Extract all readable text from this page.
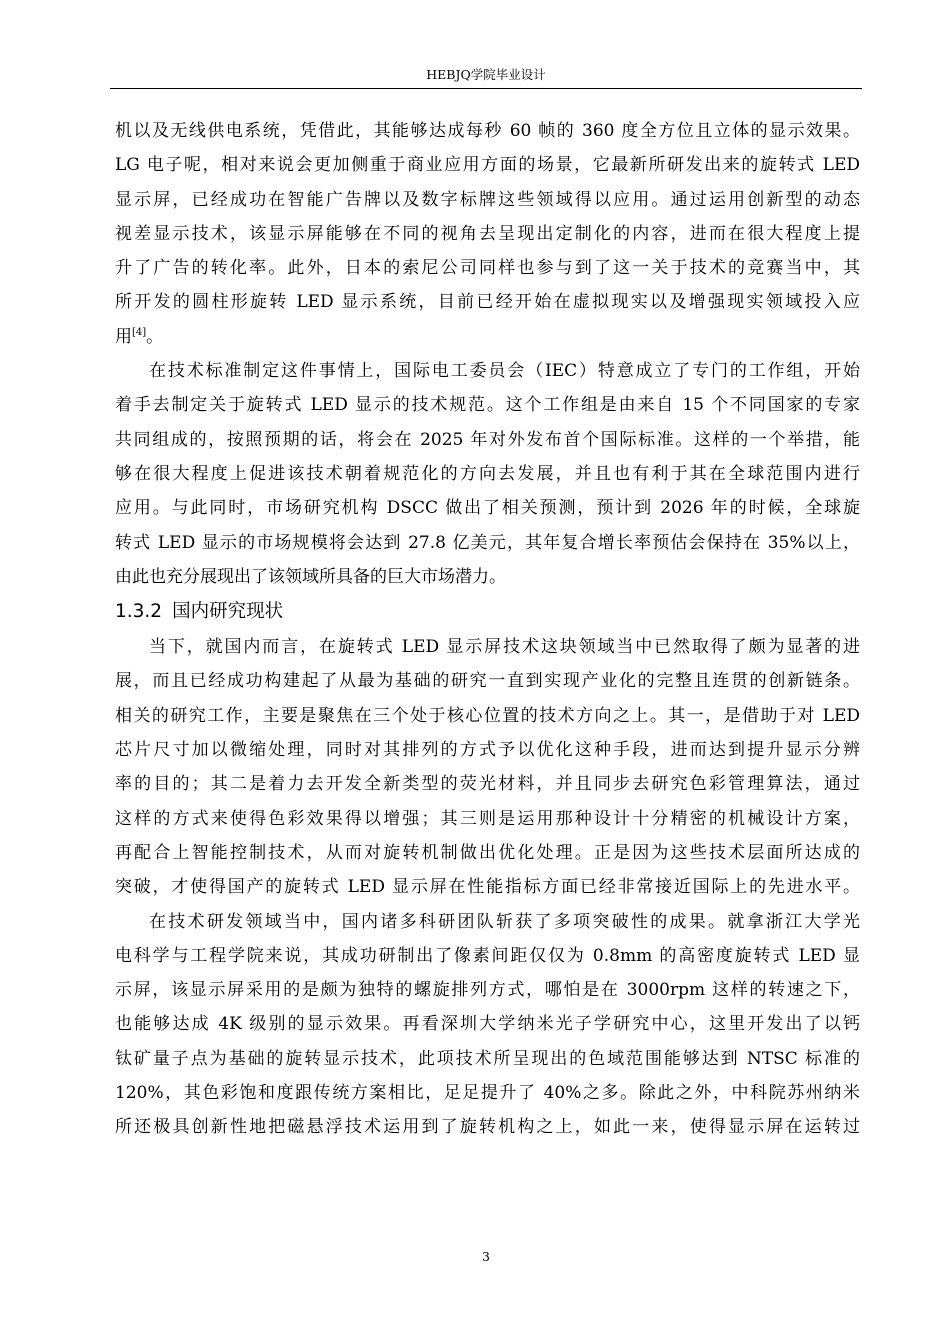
HEBJQ学院毕业设计
机以及无线供电系统，凭借此，其能够达成每秒 60 帧的 360 度全方位且立体的显示效果。
LG 电子呢，相对来说会更加侧重于商业应用方面的场景，它最新所研发出来的旋转式 LED
显示屏，已经成功在智能广告牌以及数字标牌这些领域得以应用。通过运用创新型的动态
视差显示技术，该显示屏能够在不同的视角去呈现出定制化的内容，进而在很大程度上提
升了广告的转化率。此外，日本的索尼公司同样也参与到了这一关于技术的竞赛当中，其
所开发的圆柱形旋转 LED 显示系统，目前已经开始在虚拟现实以及增强现实领域投入应
用[4]。
在技术标准制定这件事情上，国际电工委员会（IEC）特意成立了专门的工作组，开始
着手去制定关于旋转式 LED 显示的技术规范。这个工作组是由来自 15 个不同国家的专家
共同组成的，按照预期的话，将会在 2025 年对外发布首个国际标准。这样的一个举措，能
够在很大程度上促进该技术朝着规范化的方向去发展，并且也有利于其在全球范围内进行
应用。与此同时，市场研究机构 DSCC 做出了相关预测，预计到 2026 年的时候，全球旋
转式 LED 显示的市场规模将会达到 27.8 亿美元，其年复合增长率预估会保持在 35%以上，
由此也充分展现出了该领域所具备的巨大市场潜力。
1.3.2 国内研究现状
当下，就国内而言，在旋转式 LED 显示屏技术这块领域当中已然取得了颇为显著的进
展，而且已经成功构建起了从最为基础的研究一直到实现产业化的完整且连贯的创新链条。
相关的研究工作，主要是聚焦在三个处于核心位置的技术方向之上。其一，是借助于对 LED
芯片尺寸加以微缩处理，同时对其排列的方式予以优化这种手段，进而达到提升显示分辨
率的目的；其二是着力去开发全新类型的荧光材料，并且同步去研究色彩管理算法，通过
这样的方式来使得色彩效果得以增强；其三则是运用那种设计十分精密的机械设计方案，
再配合上智能控制技术，从而对旋转机制做出优化处理。正是因为这些技术层面所达成的
突破，才使得国产的旋转式 LED 显示屏在性能指标方面已经非常接近国际上的先进水平。
在技术研发领域当中，国内诸多科研团队斩获了多项突破性的成果。就拿浙江大学光
电科学与工程学院来说，其成功研制出了像素间距仅仅为 0.8mm 的高密度旋转式 LED 显
示屏，该显示屏采用的是颇为独特的螺旋排列方式，哪怕是在 3000rpm 这样的转速之下，
也能够达成 4K 级别的显示效果。再看深圳大学纳米光子学研究中心，这里开发出了以钙
钛矿量子点为基础的旋转显示技术，此项技术所呈现出的色域范围能够达到 NTSC 标准的
120%，其色彩饱和度跟传统方案相比，足足提升了 40%之多。除此之外，中科院苏州纳米
所还极具创新性地把磁悬浮技术运用到了旋转机构之上，如此一来，使得显示屏在运转过
3
